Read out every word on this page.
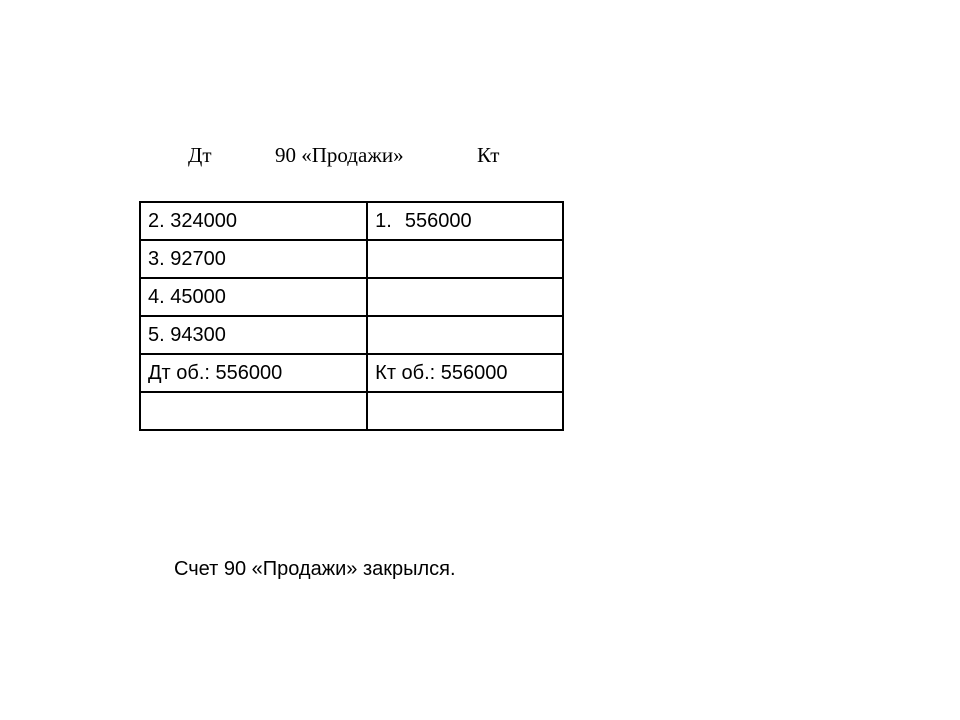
Дт	90 «Продажи»	Кт
2. 324000	1. 556000
3. 92700	
4. 45000	
5. 94300	
Дт об.: 556000	Кт об.: 556000

Счет 90 «Продажи» закрылся.
